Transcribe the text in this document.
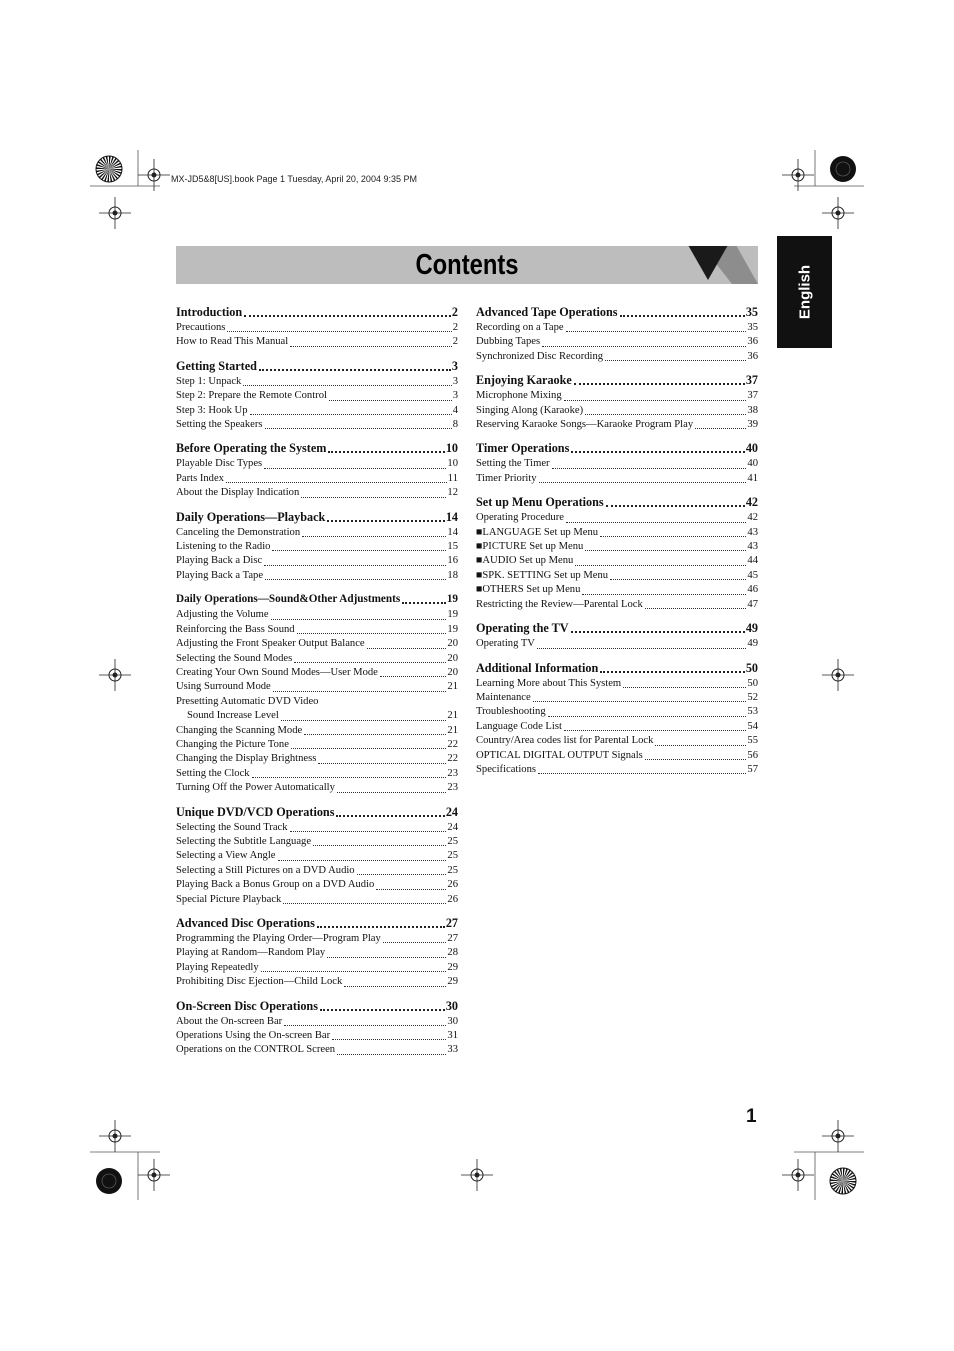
MX-JD5&8[US].book Page 1 Tuesday, April 20, 2004 9:35 PM
Contents	English
Introduction	2
Precautions	2
How to Read This Manual	2
Getting Started	3
Step 1: Unpack	3
Step 2: Prepare the Remote Control	3
Step 3: Hook Up	4
Setting the Speakers	8
Before Operating the System	10
Playable Disc Types	10
Parts Index	11
About the Display Indication	12
Daily Operations—Playback	14
Canceling the Demonstration	14
Listening to the Radio	15
Playing Back a Disc	16
Playing Back a Tape	18
Daily Operations—Sound&Other Adjustments	19
Adjusting the Volume	19
Reinforcing the Bass Sound	19
Adjusting the Front Speaker Output Balance	20
Selecting the Sound Modes	20
Creating Your Own Sound Modes—User Mode	20
Using Surround Mode	21
Presetting Automatic DVD Video
Sound Increase Level	21
Changing the Scanning Mode	21
Changing the Picture Tone	22
Changing the Display Brightness	22
Setting the Clock	23
Turning Off the Power Automatically	23
Unique DVD/VCD Operations	24
Selecting the Sound Track	24
Selecting the Subtitle Language	25
Selecting a View Angle	25
Selecting a Still Pictures on a DVD Audio	25
Playing Back a Bonus Group on a DVD Audio	26
Special Picture Playback	26
Advanced Disc Operations	27
Programming the Playing Order—Program Play	27
Playing at Random—Random Play	28
Playing Repeatedly	29
Prohibiting Disc Ejection—Child Lock	29
On-Screen Disc Operations	30
About the On-screen Bar	30
Operations Using the On-screen Bar	31
Operations on the CONTROL Screen	33
Advanced Tape Operations	35
Recording on a Tape	35
Dubbing Tapes	36
Synchronized Disc Recording	36
Enjoying Karaoke	37
Microphone Mixing	37
Singing Along (Karaoke)	38
Reserving Karaoke Songs—Karaoke Program Play	39
Timer Operations	40
Setting the Timer	40
Timer Priority	41
Set up Menu Operations	42
Operating Procedure	42
■LANGUAGE Set up Menu	43
■PICTURE Set up Menu	43
■AUDIO Set up Menu	44
■SPK. SETTING Set up Menu	45
■OTHERS Set up Menu	46
Restricting the Review—Parental Lock	47
Operating the TV	49
Operating TV	49
Additional Information	50
Learning More about This System	50
Maintenance	52
Troubleshooting	53
Language Code List	54
Country/Area codes list for Parental Lock	55
OPTICAL DIGITAL OUTPUT Signals	56
Specifications	57
1
